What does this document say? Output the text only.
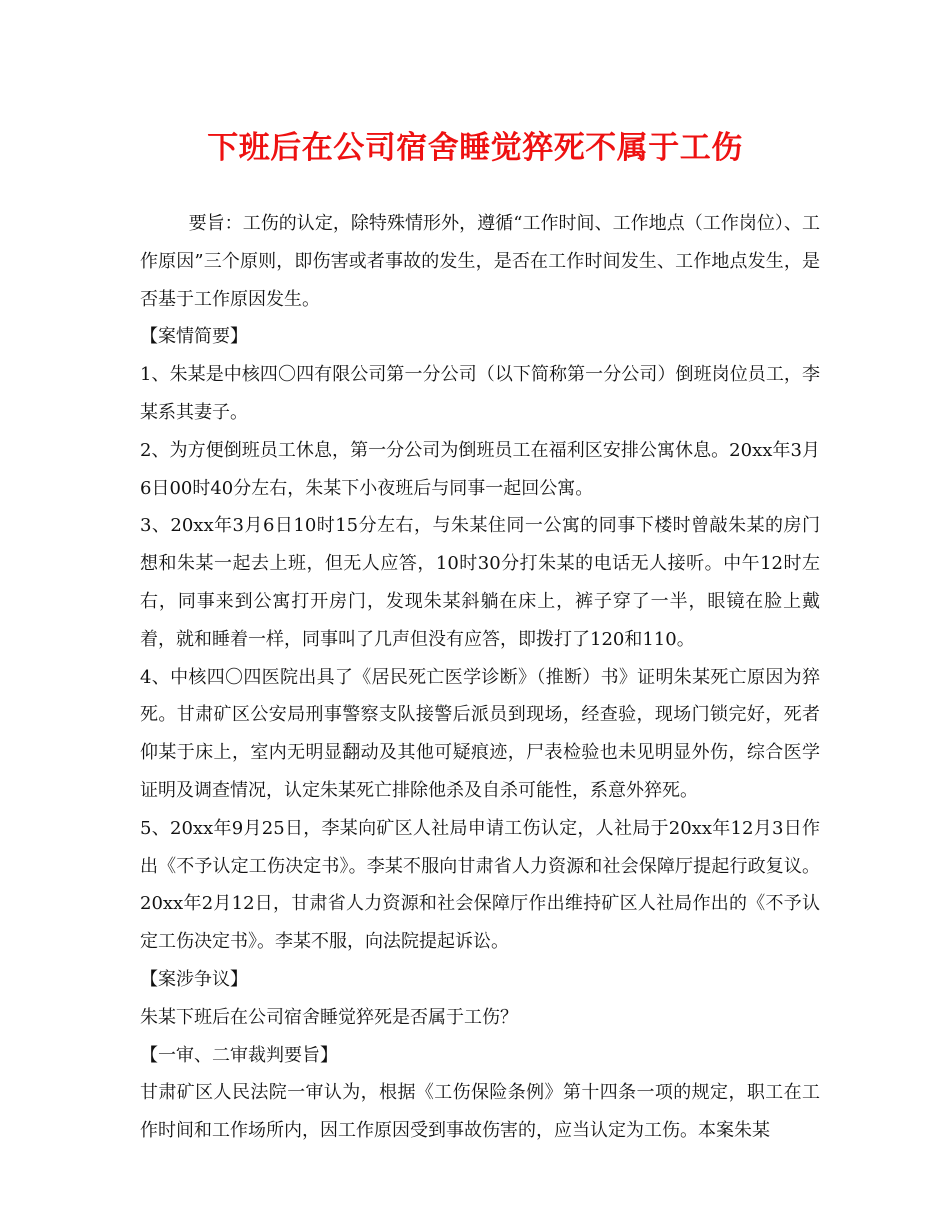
下班后在公司宿舍睡觉猝死不属于工伤

要旨：工伤的认定，除特殊情形外，遵循“工作时间、工作地点（工作岗位）、工作原因”三个原则，即伤害或者事故的发生，是否在工作时间发生、工作地点发生，是否基于工作原因发生。

【案情简要】

1、朱某是中核四〇四有限公司第一分公司（以下简称第一分公司）倒班岗位员工，李某系其妻子。

2、为方便倒班员工休息，第一分公司为倒班员工在福利区安排公寓休息。20xx年3月6日00时40分左右，朱某下小夜班后与同事一起回公寓。

3、20xx年3月6日10时15分左右，与朱某住同一公寓的同事下楼时曾敲朱某的房门想和朱某一起去上班，但无人应答，10时30分打朱某的电话无人接听。中午12时左右，同事来到公寓打开房门，发现朱某斜躺在床上，裤子穿了一半，眼镜在脸上戴着，就和睡着一样，同事叫了几声但没有应答，即拨打了120和110。

4、中核四〇四医院出具了《居民死亡医学诊断》（推断）书》证明朱某死亡原因为猝死。甘肃矿区公安局刑事警察支队接警后派员到现场，经查验，现场门锁完好，死者仰某于床上，室内无明显翻动及其他可疑痕迹，尸表检验也未见明显外伤，综合医学证明及调查情况，认定朱某死亡排除他杀及自杀可能性，系意外猝死。

5、20xx年9月25日，李某向矿区人社局申请工伤认定，人社局于20xx年12月3日作出《不予认定工伤决定书》。李某不服向甘肃省人力资源和社会保障厅提起行政复议。20xx年2月12日，甘肃省人力资源和社会保障厅作出维持矿区人社局作出的《不予认定工伤决定书》。李某不服，向法院提起诉讼。

【案涉争议】

朱某下班后在公司宿舍睡觉猝死是否属于工伤？

【一审、二审裁判要旨】

甘肃矿区人民法院一审认为，根据《工伤保险条例》第十四条一项的规定，职工在工作时间和工作场所内，因工作原因受到事故伤害的，应当认定为工伤。本案朱某
